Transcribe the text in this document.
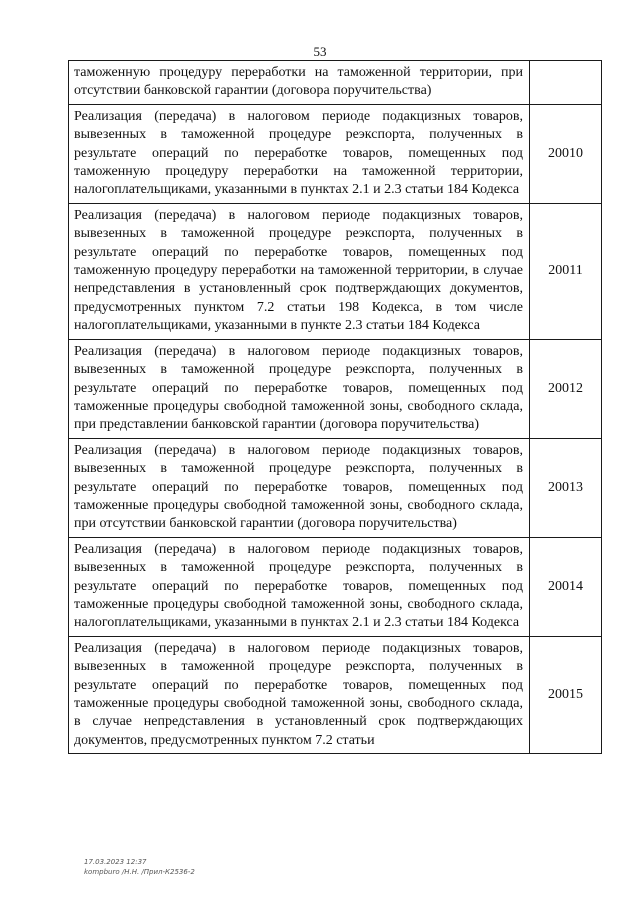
53
таможенную процедуру переработки на таможенной территории, при отсутствии банковской гарантии (договора поручительства)	
Реализация (передача) в налоговом периоде подакцизных товаров, вывезенных в таможенной процедуре реэкспорта, полученных в результате операций по переработке товаров, помещенных под таможенную процедуру переработки на таможенной территории, налогоплательщиками, указанными в пунктах 2.1 и 2.3 статьи 184 Кодекса	20010
Реализация (передача) в налоговом периоде подакцизных товаров, вывезенных в таможенной процедуре реэкспорта, полученных в результате операций по переработке товаров, помещенных под таможенную процедуру переработки на таможенной территории, в случае непредставления в установленный срок подтверждающих документов, предусмотренных пунктом 7.2 статьи 198 Кодекса, в том числе налогоплательщиками, указанными в пункте 2.3 статьи 184 Кодекса	20011
Реализация (передача) в налоговом периоде подакцизных товаров, вывезенных в таможенной процедуре реэкспорта, полученных в результате операций по переработке товаров, помещенных под таможенные процедуры свободной таможенной зоны, свободного склада, при представлении банковской гарантии (договора поручительства)	20012
Реализация (передача) в налоговом периоде подакцизных товаров, вывезенных в таможенной процедуре реэкспорта, полученных в результате операций по переработке товаров, помещенных под таможенные процедуры свободной таможенной зоны, свободного склада, при отсутствии банковской гарантии (договора поручительства)	20013
Реализация (передача) в налоговом периоде подакцизных товаров, вывезенных в таможенной процедуре реэкспорта, полученных в результате операций по переработке товаров, помещенных под таможенные процедуры свободной таможенной зоны, свободного склада, налогоплательщиками, указанными в пунктах 2.1 и 2.3 статьи 184 Кодекса	20014
Реализация (передача) в налоговом периоде подакцизных товаров, вывезенных в таможенной процедуре реэкспорта, полученных в результате операций по переработке товаров, помещенных под таможенные процедуры свободной таможенной зоны, свободного склада, в случае непредставления в установленный срок подтверждающих документов, предусмотренных пунктом 7.2 статьи	20015
17.03.2023 12:37
kompburo /Н.Н. /Прил-К2536-2
